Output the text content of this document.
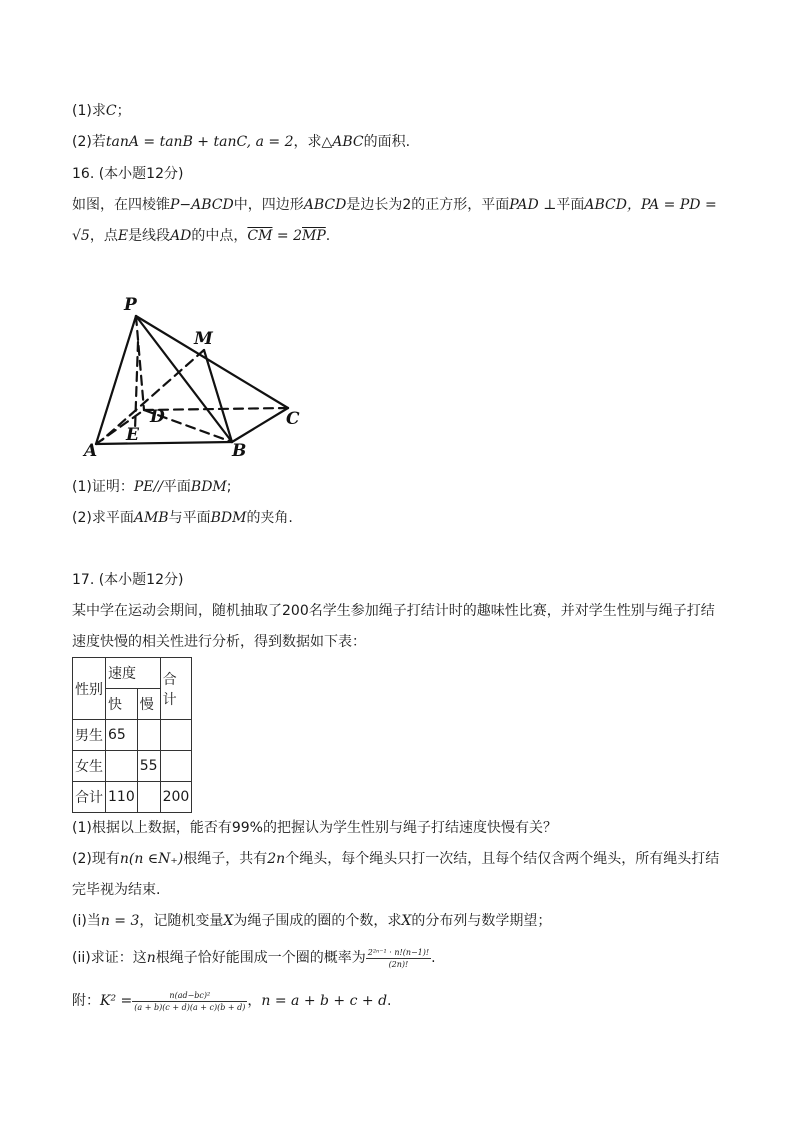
(1)求C；
(2)若tanA = tanB + tanC, a = 2，求△ABC的面积.
16. (本小题12分)
如图，在四棱锥P−ABCD中，四边形ABCD是边长为2的正方形，平面PAD ⊥平面ABCD，PA = PD =
√5，点E是线段AD的中点，$\overline{CM} = 2\overline{MP}$.
P
M
D	C
E
A	B
(1)证明：PE//平面BDM;
(2)求平面AMB与平面BDM的夹角.
17. (本小题12分)
某中学在运动会期间，随机抽取了200名学生参加绳子打结计时的趣味性比赛，并对学生性别与绳子打结
速度快慢的相关性进行分析，得到数据如下表：
性别	速度		合计
	快	慢	
男生	65		
女生		55	
合计	110		200
(1)根据以上数据，能否有99%的把握认为学生性别与绳子打结速度快慢有关？
(2)现有n(n ∈N₊)根绳子，共有2n个绳头，每个绳头只打一次结，且每个结仅含两个绳头，所有绳头打结
完毕视为结束.
(i)当n = 3，记随机变量X为绳子围成的圈的个数，求X的分布列与数学期望；
(ii)求证：这n根绳子恰好能围成一个圈的概率为 $\frac{\text{2²ⁿ⁻¹ · n!(n−1)!}}{(2n)!}$ .
附：$K^2 = \frac{\text{n(ad−bc)²}}{(a + b)(c + d)(a + c)(b + d)}$ ，n = a + b + c + d.
